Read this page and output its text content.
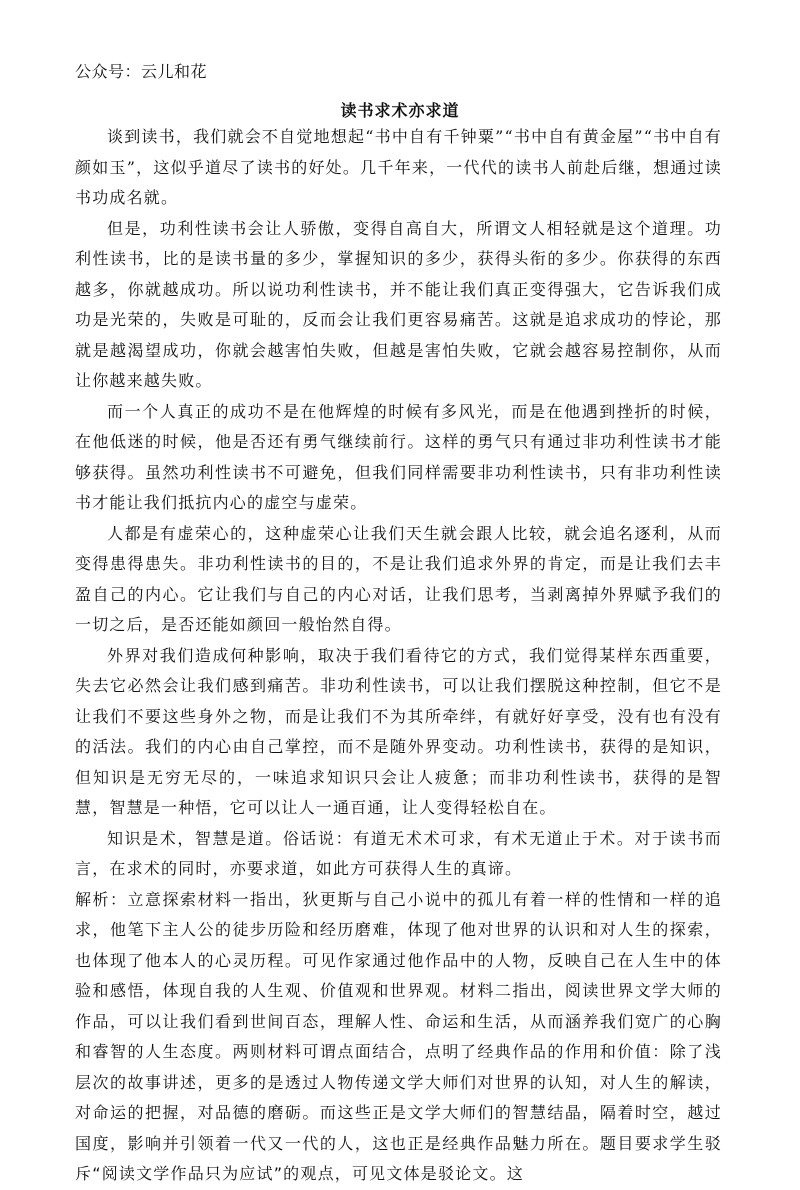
公众号：云儿和花
读书求术亦求道

谈到读书，我们就会不自觉地想起“书中自有千钟粟”“书中自有黄金屋”“书中自有颜如玉”，这似乎道尽了读书的好处。几千年来，一代代的读书人前赴后继，想通过读书功成名就。

但是，功利性读书会让人骄傲，变得自高自大，所谓文人相轻就是这个道理。功利性读书，比的是读书量的多少，掌握知识的多少，获得头衔的多少。你获得的东西越多，你就越成功。所以说功利性读书，并不能让我们真正变得强大，它告诉我们成功是光荣的，失败是可耻的，反而会让我们更容易痛苦。这就是追求成功的悖论，那就是越渴望成功，你就会越害怕失败，但越是害怕失败，它就会越容易控制你，从而让你越来越失败。

而一个人真正的成功不是在他辉煌的时候有多风光，而是在他遇到挫折的时候，在他低迷的时候，他是否还有勇气继续前行。这样的勇气只有通过非功利性读书才能够获得。虽然功利性读书不可避免，但我们同样需要非功利性读书，只有非功利性读书才能让我们抵抗内心的虚空与虚荣。

人都是有虚荣心的，这种虚荣心让我们天生就会跟人比较，就会追名逐利，从而变得患得患失。非功利性读书的目的，不是让我们追求外界的肯定，而是让我们去丰盈自己的内心。它让我们与自己的内心对话，让我们思考，当剥离掉外界赋予我们的一切之后，是否还能如颜回一般怡然自得。

外界对我们造成何种影响，取决于我们看待它的方式，我们觉得某样东西重要，失去它必然会让我们感到痛苦。非功利性读书，可以让我们摆脱这种控制，但它不是让我们不要这些身外之物，而是让我们不为其所牵绊，有就好好享受，没有也有没有的活法。我们的内心由自己掌控，而不是随外界变动。功利性读书，获得的是知识，但知识是无穷无尽的，一味追求知识只会让人疲惫；而非功利性读书，获得的是智慧，智慧是一种悟，它可以让人一通百通，让人变得轻松自在。

知识是术，智慧是道。俗话说：有道无术术可求，有术无道止于术。对于读书而言，在求术的同时，亦要求道，如此方可获得人生的真谛。

解析：立意探索材料一指出，狄更斯与自己小说中的孤儿有着一样的性情和一样的追求，他笔下主人公的徒步历险和经历磨难，体现了他对世界的认识和对人生的探索，也体现了他本人的心灵历程。可见作家通过他作品中的人物，反映自己在人生中的体验和感悟，体现自我的人生观、价值观和世界观。材料二指出，阅读世界文学大师的作品，可以让我们看到世间百态，理解人性、命运和生活，从而涵养我们宽广的心胸和睿智的人生态度。两则材料可谓点面结合，点明了经典作品的作用和价值：除了浅层次的故事讲述，更多的是透过人物传递文学大师们对世界的认知，对人生的解读，对命运的把握，对品德的磨砺。而这些正是文学大师们的智慧结晶，隔着时空，越过国度，影响并引领着一代又一代的人，这也正是经典作品魅力所在。题目要求学生驳斥“阅读文学作品只为应试”的观点，可见文体是驳论文。这
